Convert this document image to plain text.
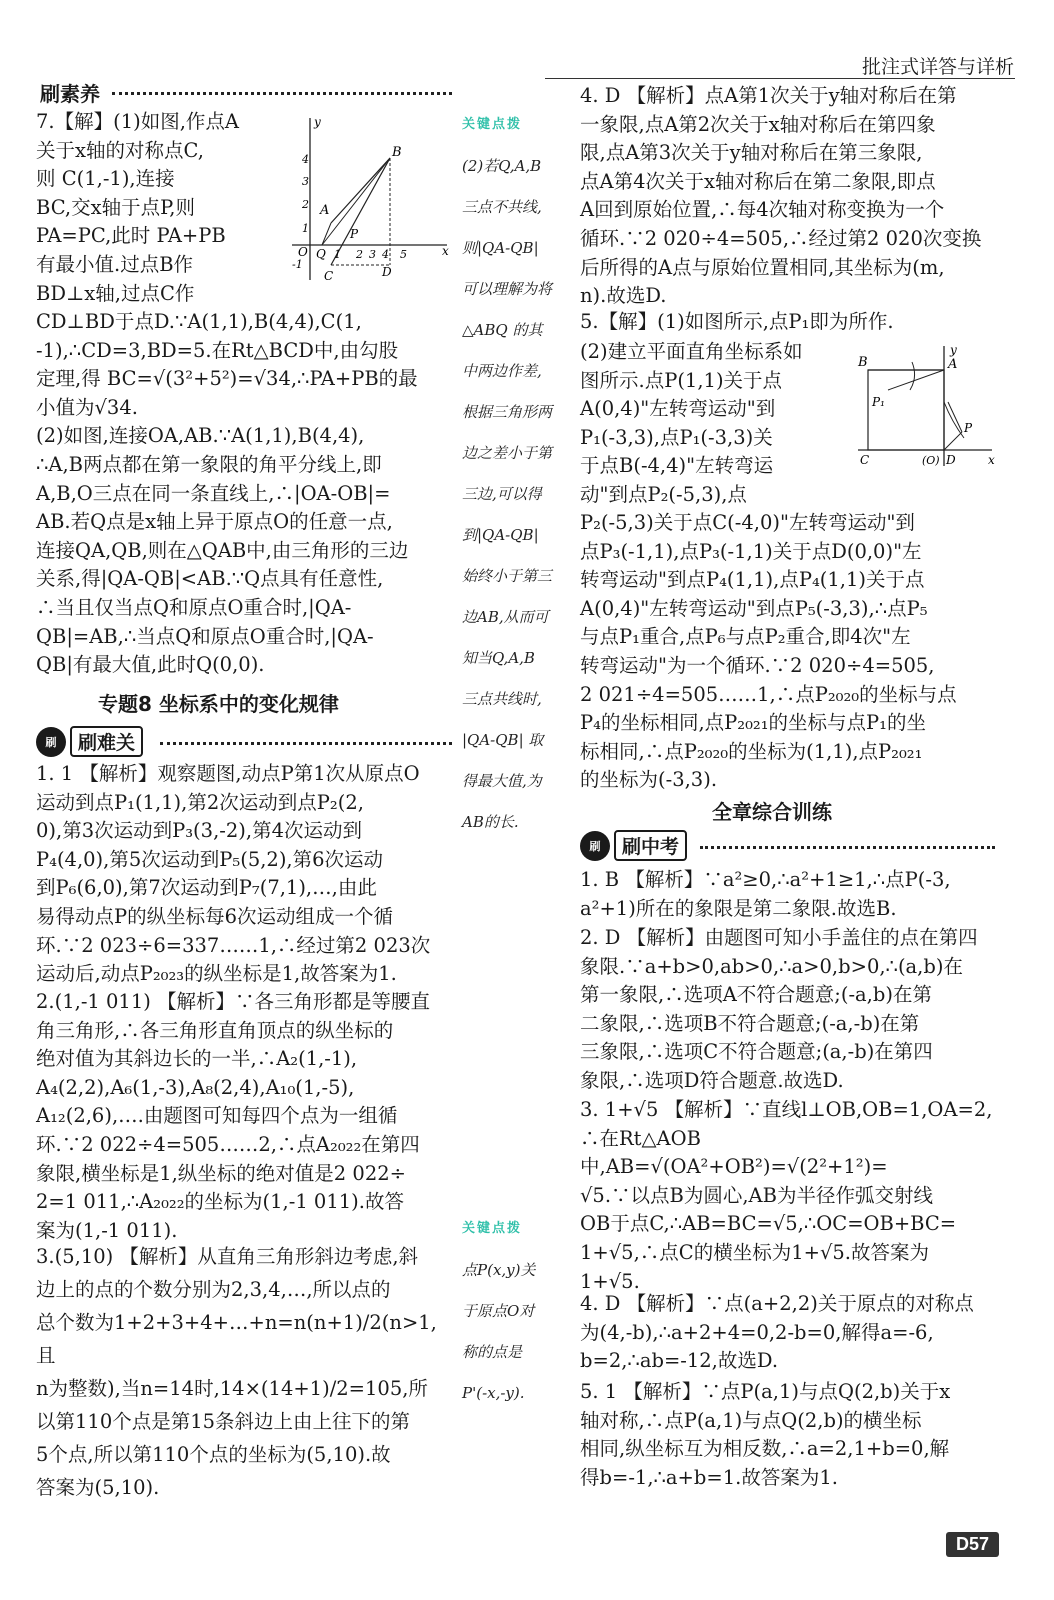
批注式详答与详析
刷素养

7.【解】(1)如图,作点A

关于x轴的对称点C,

则 C(1,-1),连接

BC,交x轴于点P,则

PA=PC,此时 PA+PB

有最小值.过点B作

BD⊥x轴,过点C作

CD⊥BD于点D.∵A(1,1),B(4,4),C(1,

-1),∴CD=3,BD=5.在Rt△BCD中,由勾股

定理,得 BC=√(3²+5²)=√34,∴PA+PB的最

小值为√34.

(2)如图,连接OA,AB.∵A(1,1),B(4,4),

∴A,B两点都在第一象限的角平分线上,即

A,B,O三点在同一条直线上,∴|OA-OB|=

AB.若Q点是x轴上异于原点O的任意一点,

连接QA,QB,则在△QAB中,由三角形的三边

关系,得|QA-QB|<AB.∵Q点具有任意性,

∴当且仅当点Q和原点O重合时,|QA-

QB|=AB,∴当点Q和原点O重合时,|QA-

QB|有最大值,此时Q(0,0).

x
y
B
A
P
O Q
C	D
1
2
3
4
1 2 3 4 5
-1
关键点拨

(2)若Q,A,B

三点不共线,

则|QA-QB|

可以理解为将

△ABQ 的其

中两边作差,

根据三角形两

边之差小于第

三边,可以得

到|QA-QB|

始终小于第三

边AB,从而可

知当Q,A,B

三点共线时,

|QA-QB| 取

得最大值,为

AB的长.

专题8 坐标系中的变化规律
刷	刷难关

1. 1 【解析】观察题图,动点P第1次从原点O

运动到点P₁(1,1),第2次运动到点P₂(2,

0),第3次运动到P₃(3,-2),第4次运动到

P₄(4,0),第5次运动到P₅(5,2),第6次运动

到P₆(6,0),第7次运动到P₇(7,1),…,由此

易得动点P的纵坐标每6次运动组成一个循

环.∵2 023÷6=337……1,∴经过第2 023次

运动后,动点P₂₀₂₃的纵坐标是1,故答案为1.

2.(1,-1 011) 【解析】∵各三角形都是等腰直

角三角形,∴各三角形直角顶点的纵坐标的

绝对值为其斜边长的一半,∴A₂(1,-1),

A₄(2,2),A₆(1,-3),A₈(2,4),A₁₀(1,-5),

A₁₂(2,6),….由题图可知每四个点为一组循

环.∵2 022÷4=505……2,∴点A₂₀₂₂在第四

象限,横坐标是1,纵坐标的绝对值是2 022÷

2=1 011,∴A₂₀₂₂的坐标为(1,-1 011).故答

案为(1,-1 011).

3.(5,10) 【解析】从直角三角形斜边考虑,斜

边上的点的个数分别为2,3,4,…,所以点的

总个数为1+2+3+4+…+n=n(n+1)/2(n>1,且

n为整数),当n=14时,14×(14+1)/2=105,所

以第110个点是第15条斜边上由上往下的第

5个点,所以第110个点的坐标为(5,10).故

答案为(5,10).

关键点拨

点P(x,y)关

于原点O对

称的点是

P'(-x,-y).

4. D 【解析】点A第1次关于y轴对称后在第

一象限,点A第2次关于x轴对称后在第四象

限,点A第3次关于y轴对称后在第三象限,

点A第4次关于x轴对称后在第二象限,即点

A回到原始位置,∴每4次轴对称变换为一个

循环.∵2 020÷4=505,∴经过第2 020次变换

后所得的A点与原始位置相同,其坐标为(m,

n).故选D.

5.【解】(1)如图所示,点P₁即为所作.

(2)建立平面直角坐标系如

图所示.点P(1,1)关于点

A(0,4)"左转弯运动"到

P₁(-3,3),点P₁(-3,3)关

于点B(-4,4)"左转弯运

动"到点P₂(-5,3),点

x
y
B	A
P₁
P
C	(O) D

P₂(-5,3)关于点C(-4,0)"左转弯运动"到

点P₃(-1,1),点P₃(-1,1)关于点D(0,0)"左

转弯运动"到点P₄(1,1),点P₄(1,1)关于点

A(0,4)"左转弯运动"到点P₅(-3,3),∴点P₅

与点P₁重合,点P₆与点P₂重合,即4次"左

转弯运动"为一个循环.∵2 020÷4=505,

2 021÷4=505……1,∴点P₂₀₂₀的坐标与点

P₄的坐标相同,点P₂₀₂₁的坐标与点P₁的坐

标相同,∴点P₂₀₂₀的坐标为(1,1),点P₂₀₂₁

的坐标为(-3,3).

全章综合训练
刷	刷中考

1. B 【解析】∵a²≥0,∴a²+1≥1,∴点P(-3,

a²+1)所在的象限是第二象限.故选B.

2. D 【解析】由题图可知小手盖住的点在第四

象限.∵a+b>0,ab>0,∴a>0,b>0,∴(a,b)在

第一象限,∴选项A不符合题意;(-a,b)在第

二象限,∴选项B不符合题意;(-a,-b)在第

三象限,∴选项C不符合题意;(a,-b)在第四

象限,∴选项D符合题意.故选D.

3. 1+√5 【解析】∵直线l⊥OB,OB=1,OA=2,

∴在Rt△AOB中,AB=√(OA²+OB²)=√(2²+1²)=

√5.∵以点B为圆心,AB为半径作弧交射线

OB于点C,∴AB=BC=√5,∴OC=OB+BC=

1+√5,∴点C的横坐标为1+√5.故答案为

1+√5.

4. D 【解析】∵点(a+2,2)关于原点的对称点

为(4,-b),∴a+2+4=0,2-b=0,解得a=-6,

b=2,∴ab=-12,故选D.

5. 1 【解析】∵点P(a,1)与点Q(2,b)关于x

轴对称,∴点P(a,1)与点Q(2,b)的横坐标

相同,纵坐标互为相反数,∴a=2,1+b=0,解

得b=-1,∴a+b=1.故答案为1.

D57
